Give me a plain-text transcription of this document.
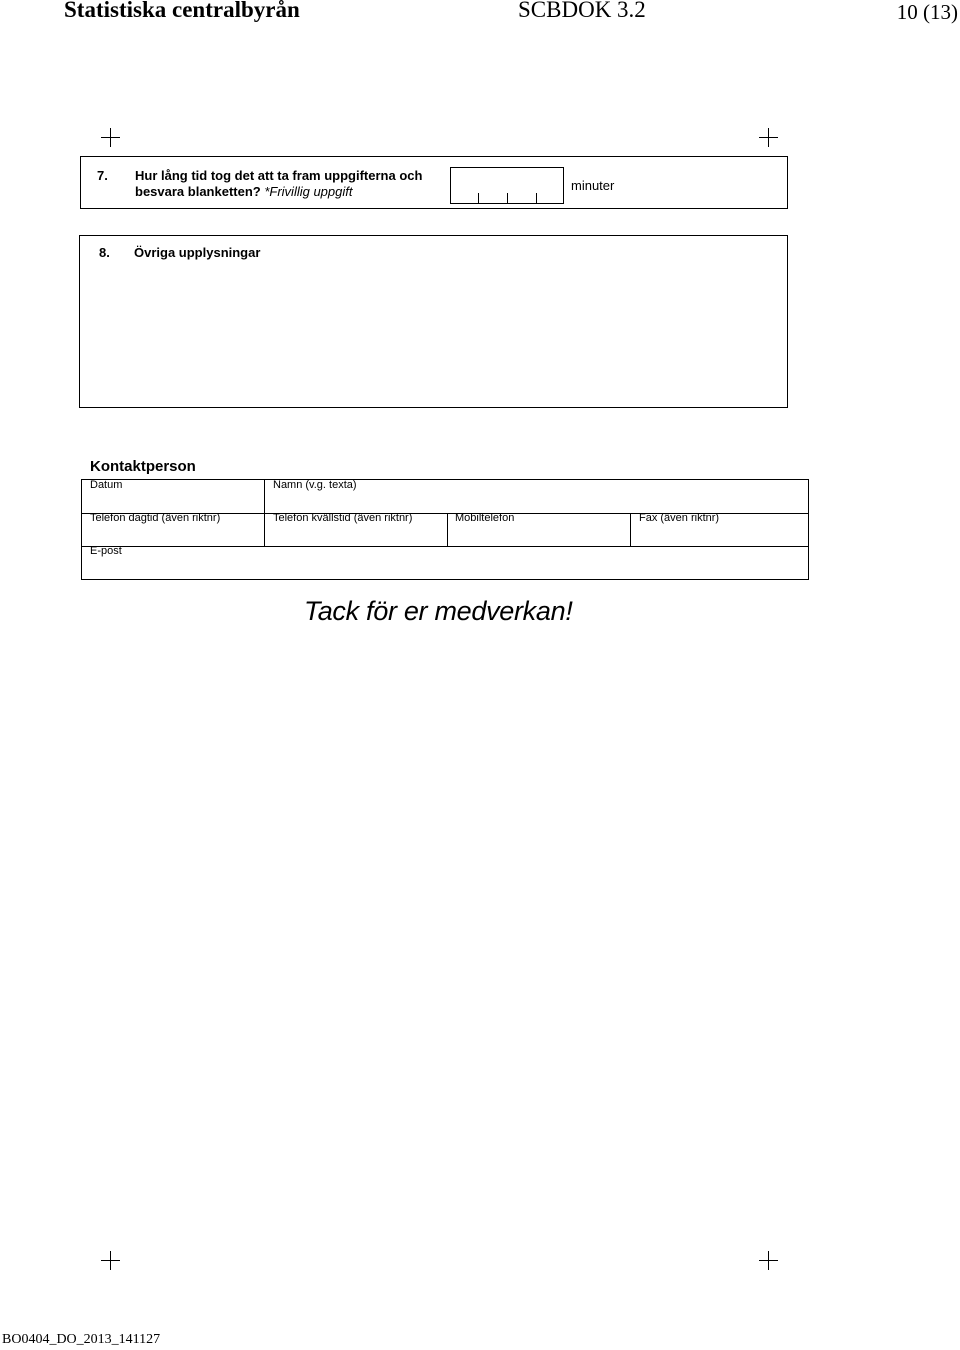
Statistiska centralbyrån	SCBDOK 3.2	10 (13)
7. Hur lång tid tog det att ta fram uppgifterna och besvara blanketten? *Frivillig uppgift	minuter
8. Övriga upplysningar
Kontaktperson
Datum	Namn (v.g. texta)
Telefon dagtid (även riktnr)	Telefon kvällstid (även riktnr)	Mobiltelefon	Fax (även riktnr)
E-post
Tack för er medverkan!
BO0404_DO_2013_141127
